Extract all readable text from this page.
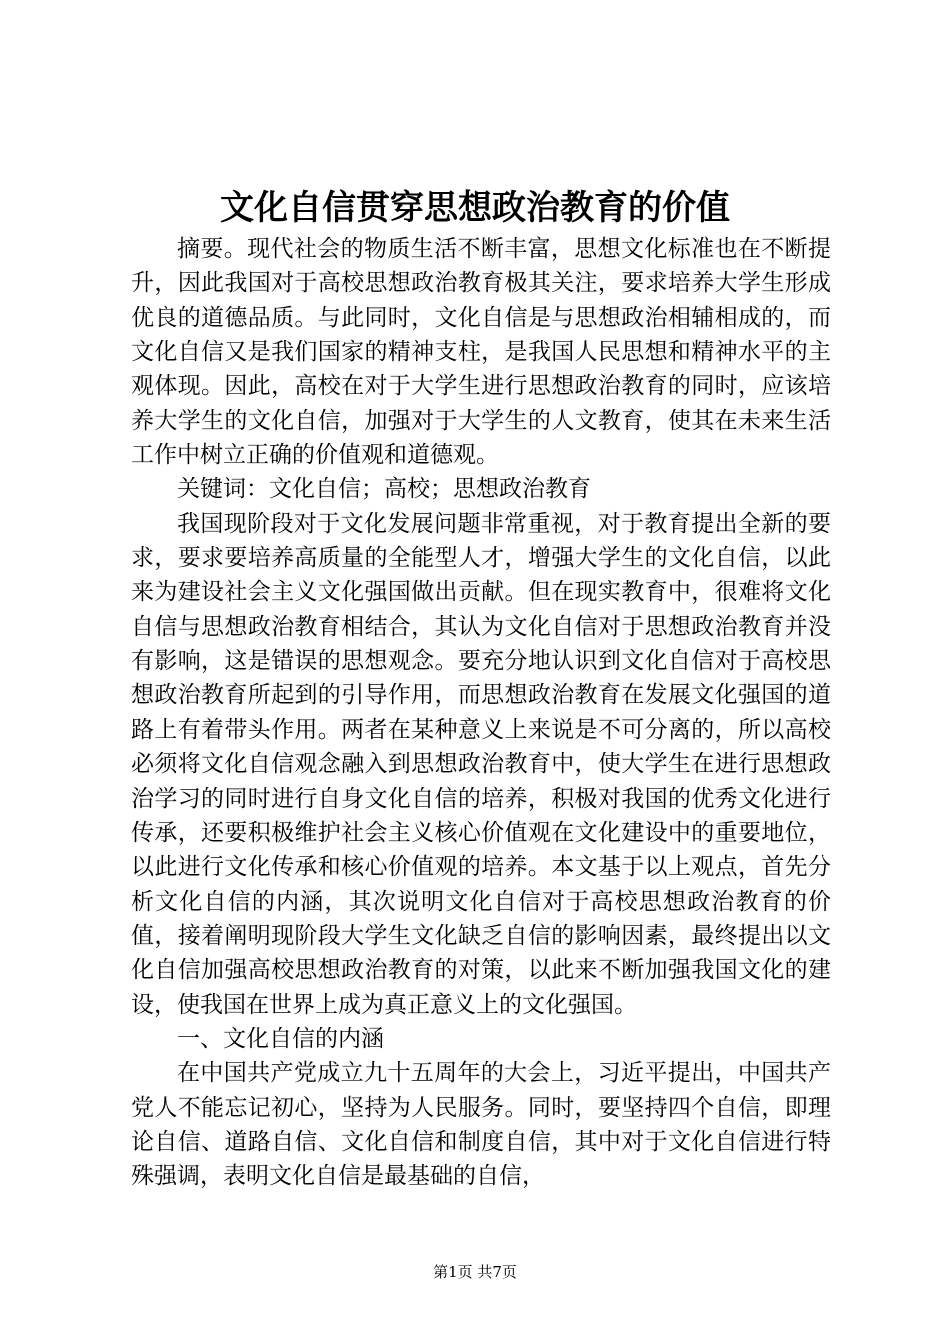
文化自信贯穿思想政治教育的价值

摘要。现代社会的物质生活不断丰富，思想文化标准也在不断提升，因此我国对于高校思想政治教育极其关注，要求培养大学生形成优良的道德品质。与此同时，文化自信是与思想政治相辅相成的，而文化自信又是我们国家的精神支柱，是我国人民思想和精神水平的主观体现。因此，高校在对于大学生进行思想政治教育的同时，应该培养大学生的文化自信，加强对于大学生的人文教育，使其在未来生活工作中树立正确的价值观和道德观。

关键词：文化自信；高校；思想政治教育

我国现阶段对于文化发展问题非常重视，对于教育提出全新的要求，要求要培养高质量的全能型人才，增强大学生的文化自信，以此来为建设社会主义文化强国做出贡献。但在现实教育中，很难将文化自信与思想政治教育相结合，其认为文化自信对于思想政治教育并没有影响，这是错误的思想观念。要充分地认识到文化自信对于高校思想政治教育所起到的引导作用，而思想政治教育在发展文化强国的道路上有着带头作用。两者在某种意义上来说是不可分离的，所以高校必须将文化自信观念融入到思想政治教育中，使大学生在进行思想政治学习的同时进行自身文化自信的培养，积极对我国的优秀文化进行传承，还要积极维护社会主义核心价值观在文化建设中的重要地位，以此进行文化传承和核心价值观的培养。本文基于以上观点，首先分析文化自信的内涵，其次说明文化自信对于高校思想政治教育的价值，接着阐明现阶段大学生文化缺乏自信的影响因素，最终提出以文化自信加强高校思想政治教育的对策，以此来不断加强我国文化的建设，使我国在世界上成为真正意义上的文化强国。

一、文化自信的内涵

在中国共产党成立九十五周年的大会上，习近平提出，中国共产党人不能忘记初心，坚持为人民服务。同时，要坚持四个自信，即理论自信、道路自信、文化自信和制度自信，其中对于文化自信进行特殊强调，表明文化自信是最基础的自信，

第1页 共7页
